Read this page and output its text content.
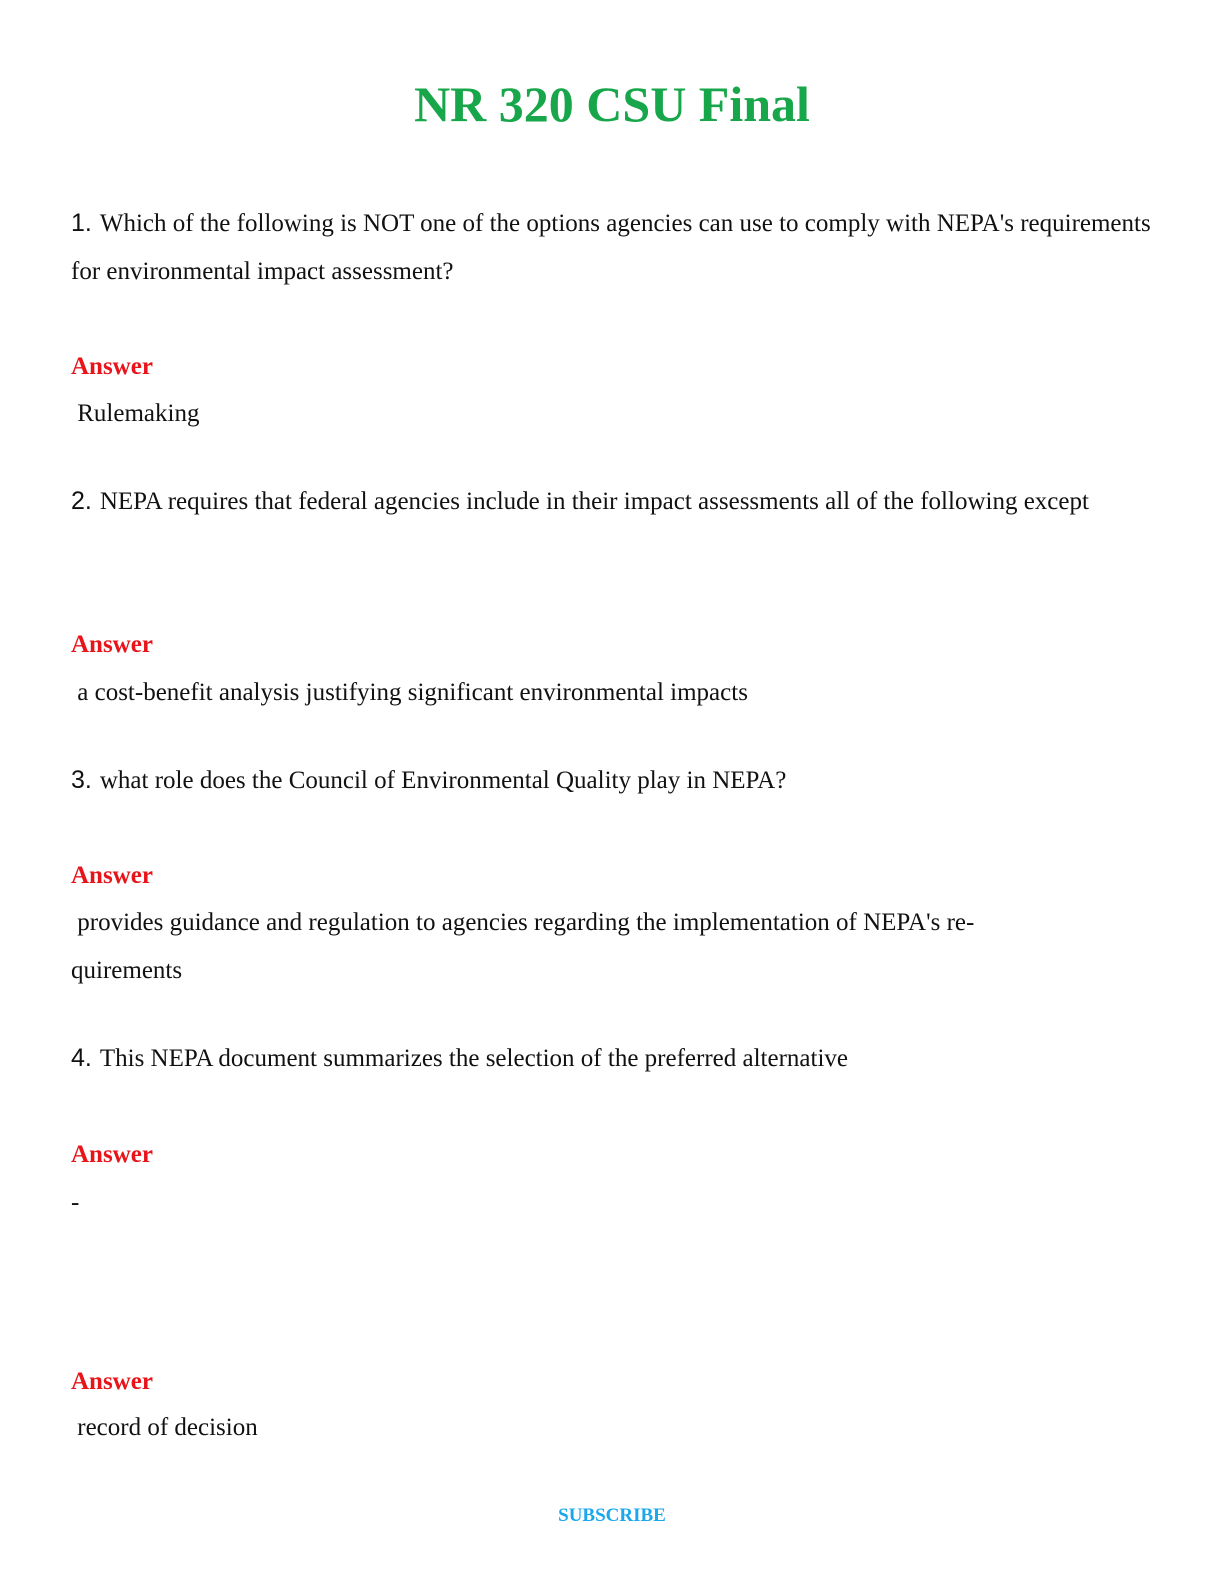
NR 320 CSU Final

1. Which of the following is NOT one of the options agencies can use to comply with NEPA's requirements for environmental impact assessment?

Answer

Rulemaking

2. NEPA requires that federal agencies include in their impact assessments all of the following except

Answer

a cost-benefit analysis justifying significant environmental impacts

3. what role does the Council of Environmental Quality play in NEPA?

Answer

provides guidance and regulation to agencies regarding the implementation of NEPA's re-
quirements

4. This NEPA document summarizes the selection of the preferred alternative

Answer

-

Answer

record of decision

SUBSCRIBE
